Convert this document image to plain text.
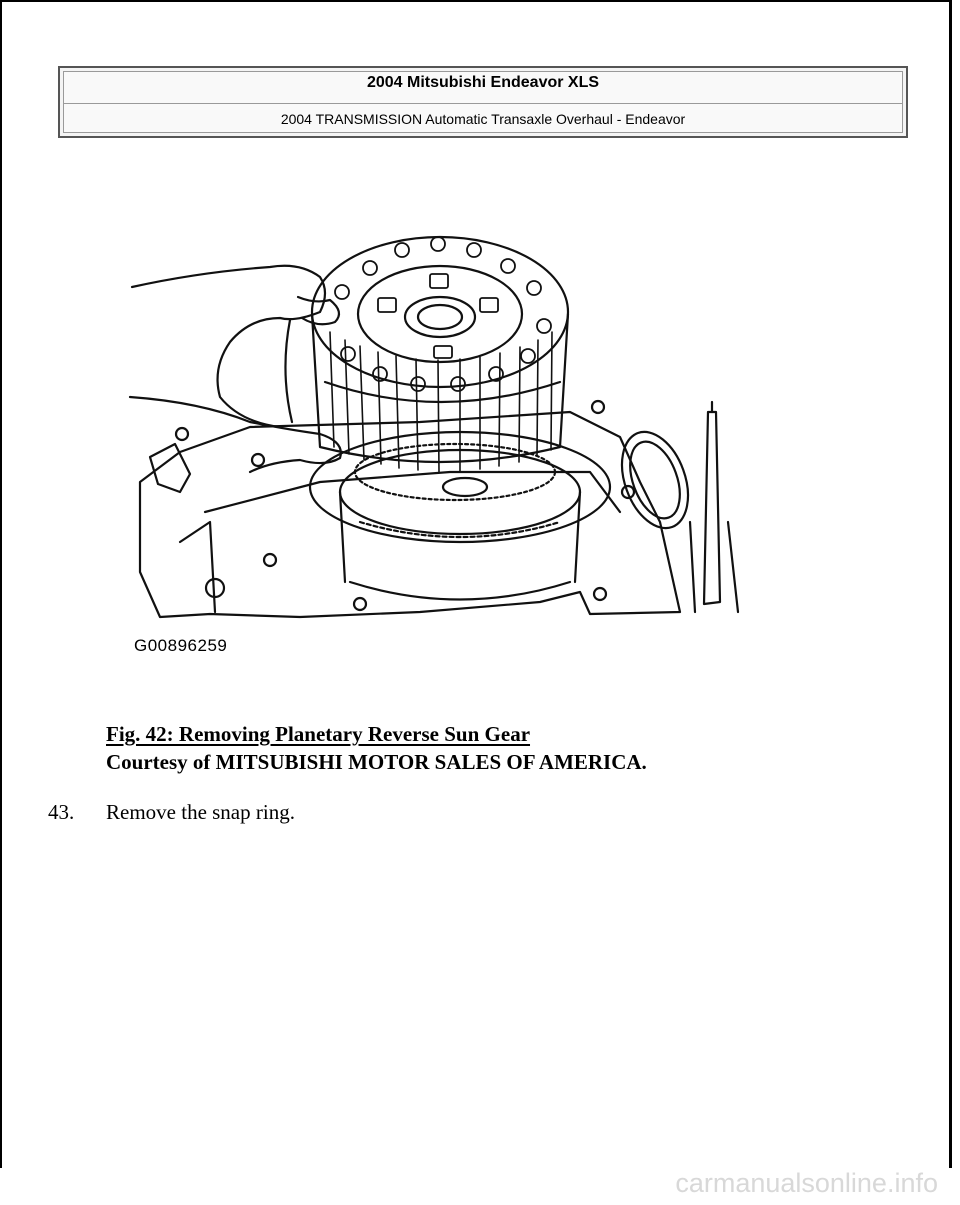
2004 Mitsubishi Endeavor XLS
2004 TRANSMISSION Automatic Transaxle Overhaul - Endeavor
G00896259
Fig. 42: Removing Planetary Reverse Sun Gear
Courtesy of MITSUBISHI MOTOR SALES OF AMERICA.
43. Remove the snap ring.
carmanualsonline.info
